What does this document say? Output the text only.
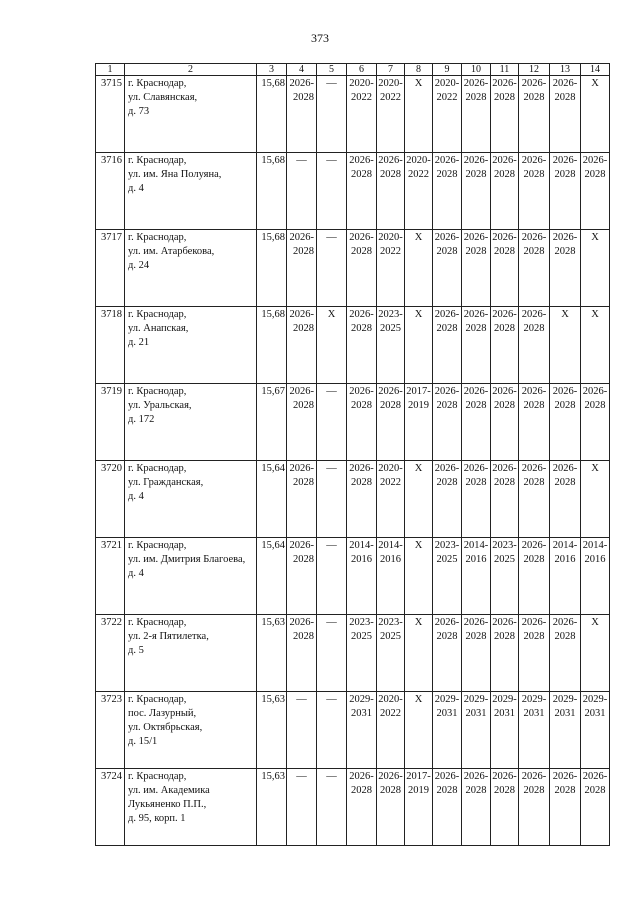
373
1	2	3	4	5	6	7	8	9	10	11	12	13	14
3715	г. Краснодар,
ул. Славянская,
д. 73	15,68	2026-
2028	—	2020-
2022	2020-
2022	X	2020-
2022	2026-
2028	2026-
2028	2026-
2028	2026-
2028	X

3716	г. Краснодар,
ул. им. Яна Полуяна,
д. 4	15,68	—	—	2026-
2028	2026-
2028	2020-
2022	2026-
2028	2026-
2028	2026-
2028	2026-
2028	2026-
2028	2026-
2028

3717	г. Краснодар,
ул. им. Атарбекова,
д. 24	15,68	2026-
2028	—	2026-
2028	2020-
2022	X	2026-
2028	2026-
2028	2026-
2028	2026-
2028	2026-
2028	X

3718	г. Краснодар,
ул. Анапская,
д. 21	15,68	2026-
2028	X	2026-
2028	2023-
2025	X	2026-
2028	2026-
2028	2026-
2028	2026-
2028	X	X

3719	г. Краснодар,
ул. Уральская,
д. 172	15,67	2026-
2028	—	2026-
2028	2026-
2028	2017-
2019	2026-
2028	2026-
2028	2026-
2028	2026-
2028	2026-
2028	2026-
2028

3720	г. Краснодар,
ул. Гражданская,
д. 4	15,64	2026-
2028	—	2026-
2028	2020-
2022	X	2026-
2028	2026-
2028	2026-
2028	2026-
2028	2026-
2028	X

3721	г. Краснодар,
ул. им. Дмитрия Благоева,
д. 4	15,64	2026-
2028	—	2014-
2016	2014-
2016	X	2023-
2025	2014-
2016	2023-
2025	2026-
2028	2014-
2016	2014-
2016

3722	г. Краснодар,
ул. 2-я Пятилетка,
д. 5	15,63	2026-
2028	—	2023-
2025	2023-
2025	X	2026-
2028	2026-
2028	2026-
2028	2026-
2028	2026-
2028	X

3723	г. Краснодар,
пос. Лазурный,
ул. Октябрьская,
д. 15/1	15,63	—	—	2029-
2031	2020-
2022	X	2029-
2031	2029-
2031	2029-
2031	2029-
2031	2029-
2031	2029-
2031

3724	г. Краснодар,
ул. им. Академика
Лукьяненко П.П.,
д. 95, корп. 1	15,63	—	—	2026-
2028	2026-
2028	2017-
2019	2026-
2028	2026-
2028	2026-
2028	2026-
2028	2026-
2028	2026-
2028
